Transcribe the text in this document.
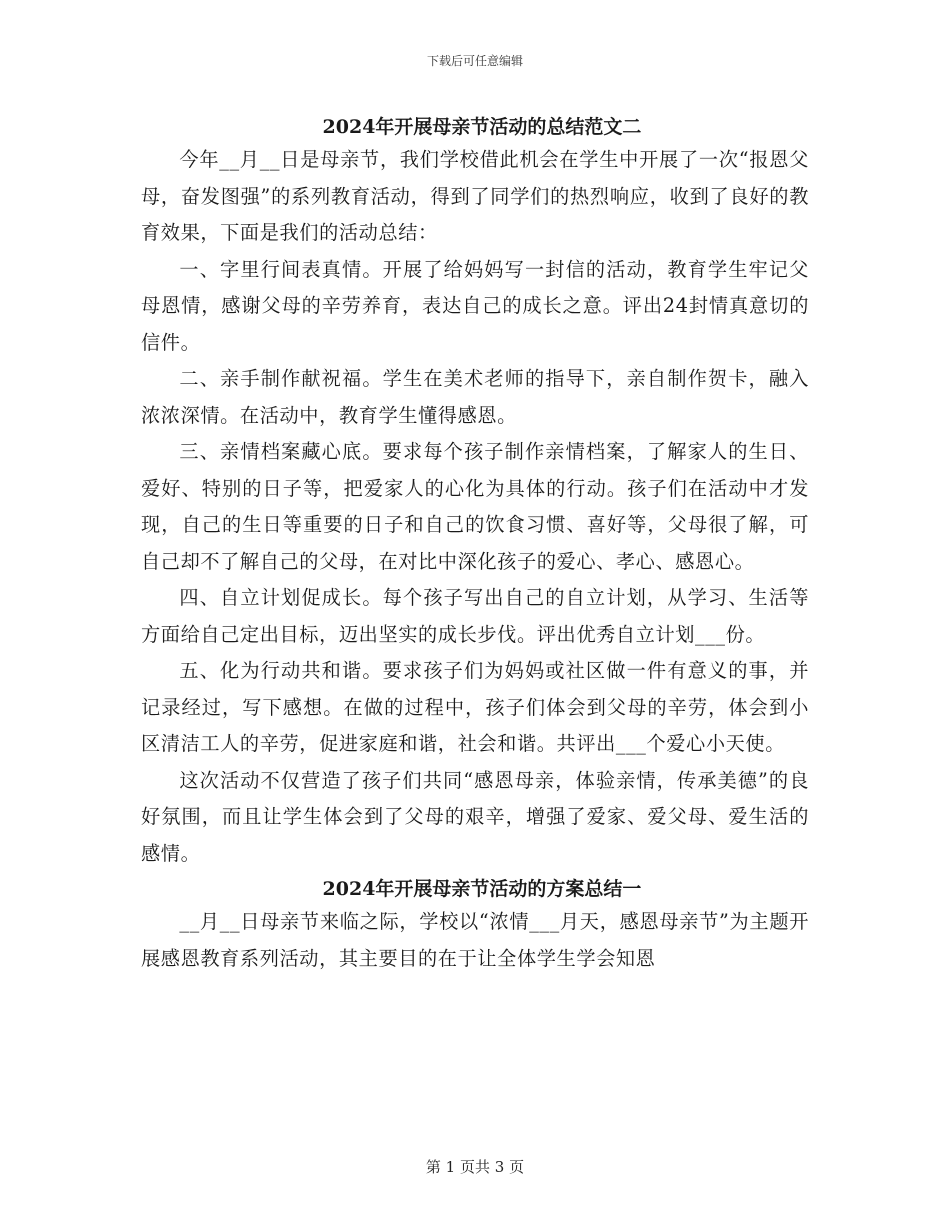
下载后可任意编辑
2024年开展母亲节活动的总结范文二

今年__月__日是母亲节，我们学校借此机会在学生中开展了一次“报恩父母，奋发图强”的系列教育活动，得到了同学们的热烈响应，收到了良好的教育效果，下面是我们的活动总结：

一、字里行间表真情。开展了给妈妈写一封信的活动，教育学生牢记父母恩情，感谢父母的辛劳养育，表达自己的成长之意。评出24封情真意切的信件。

二、亲手制作献祝福。学生在美术老师的指导下，亲自制作贺卡，融入浓浓深情。在活动中，教育学生懂得感恩。

三、亲情档案藏心底。要求每个孩子制作亲情档案，了解家人的生日、爱好、特别的日子等，把爱家人的心化为具体的行动。孩子们在活动中才发现，自己的生日等重要的日子和自己的饮食习惯、喜好等，父母很了解，可自己却不了解自己的父母，在对比中深化孩子的爱心、孝心、感恩心。

四、自立计划促成长。每个孩子写出自己的自立计划，从学习、生活等方面给自己定出目标，迈出坚实的成长步伐。评出优秀自立计划___份。

五、化为行动共和谐。要求孩子们为妈妈或社区做一件有意义的事，并记录经过，写下感想。在做的过程中，孩子们体会到父母的辛劳，体会到小区清洁工人的辛劳，促进家庭和谐，社会和谐。共评出___个爱心小天使。

这次活动不仅营造了孩子们共同“感恩母亲，体验亲情，传承美德”的良好氛围，而且让学生体会到了父母的艰辛，增强了爱家、爱父母、爱生活的感情。

2024年开展母亲节活动的方案总结一

__月__日母亲节来临之际，学校以“浓情___月天，感恩母亲节”为主题开展感恩教育系列活动，其主要目的在于让全体学生学会知恩

第 1 页共 3 页
